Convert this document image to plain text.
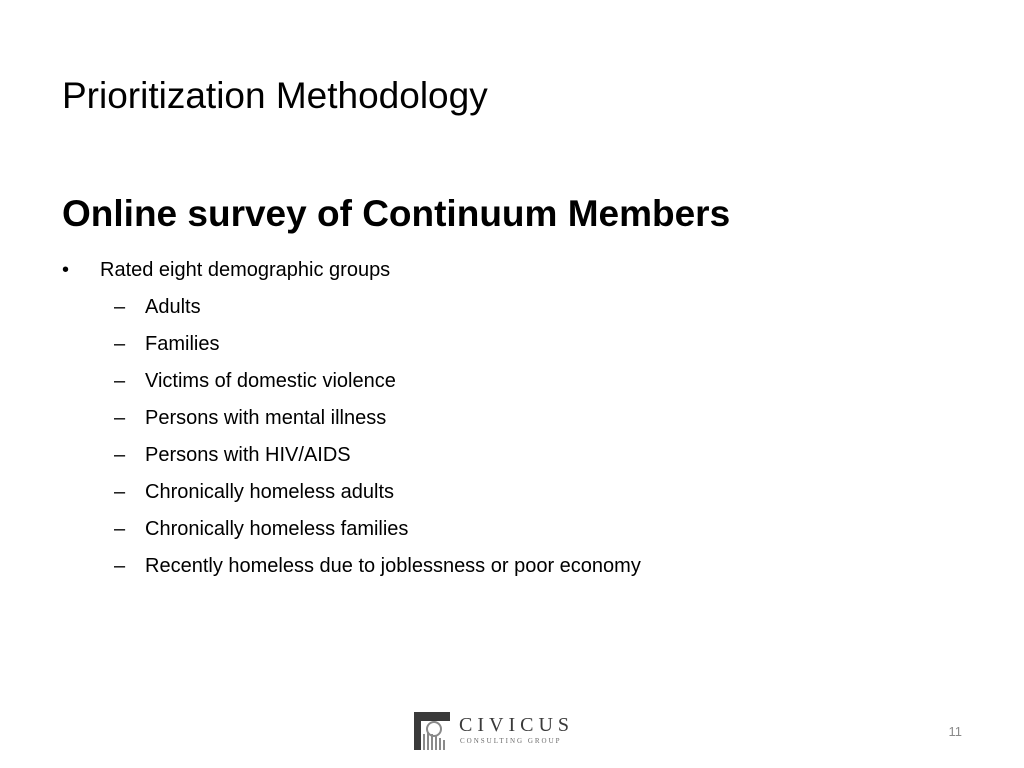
Prioritization Methodology
Online survey of Continuum Members
•	Rated eight demographic groups
– Adults
– Families
– Victims of domestic violence
– Persons with mental illness
– Persons with HIV/AIDS
– Chronically homeless adults
– Chronically homeless families
– Recently homeless due to joblessness or poor economy
CIVICUS
CONSULTING GROUP
11
